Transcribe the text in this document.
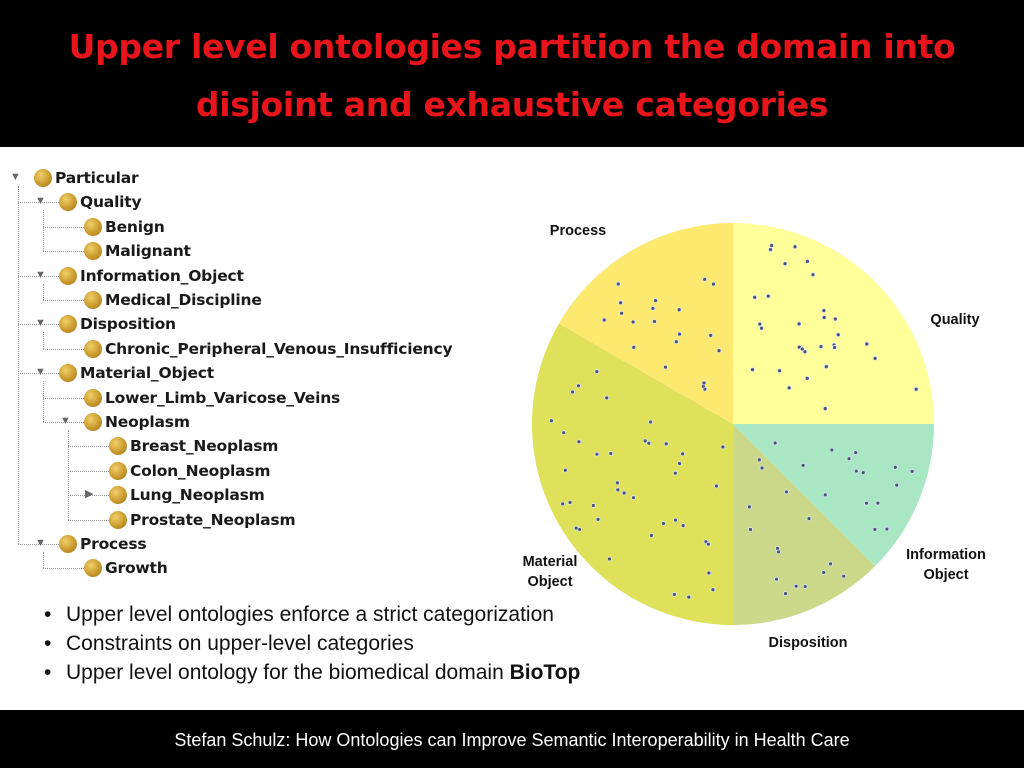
Upper level ontologies partition the domain into disjoint and exhaustive categories
Particular
▼
Quality
▼
Benign
Malignant
Information_Object
▼
Medical_Discipline
Disposition
▼
Chronic_Peripheral_Venous_Insufficiency
Material_Object
▼
Lower_Limb_Varicose_Veins
Neoplasm
▼
Breast_Neoplasm
Colon_Neoplasm
Lung_Neoplasm
▶
Prostate_Neoplasm
Process
▼
Growth
Quality
Information Object
Disposition
Material Object
Process
• Upper level ontologies enforce a strict categorization
• Constraints on upper-level categories
• Upper level ontology for the biomedical domain BioTop
Stefan Schulz: How Ontologies can Improve Semantic Interoperability in Health Care
